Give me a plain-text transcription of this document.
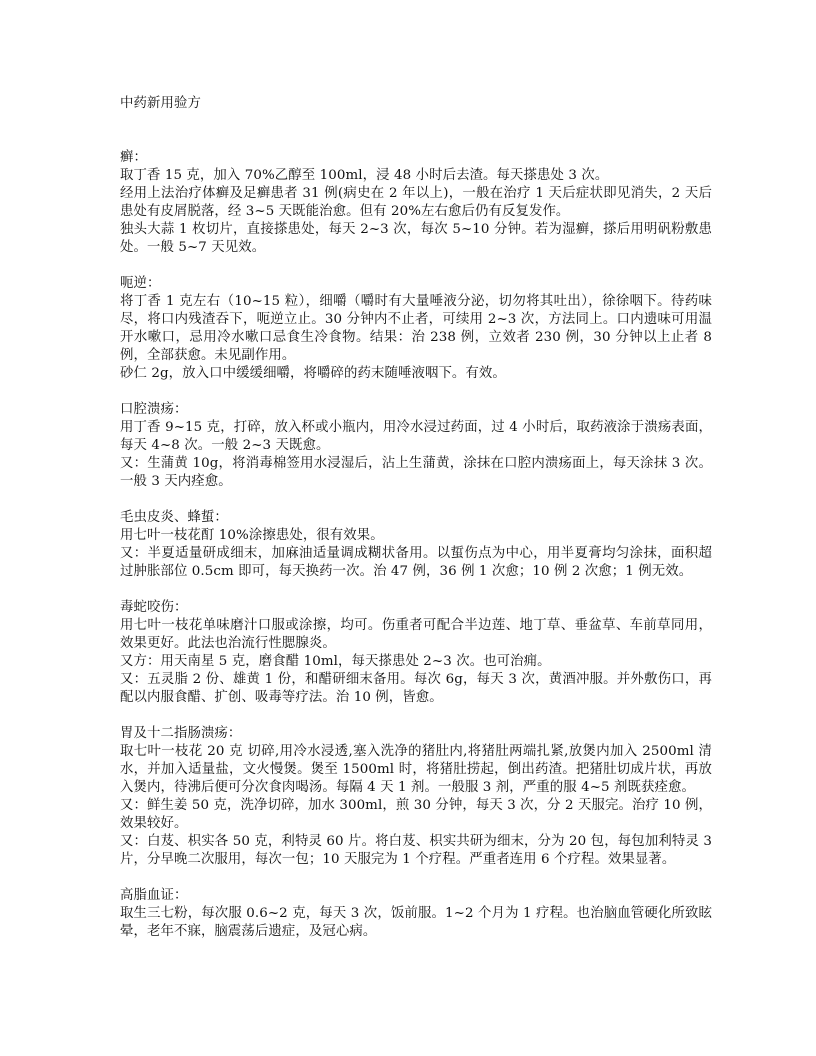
中药新用验方

癣：

取丁香 15 克，加入 70%乙醇至 100ml，浸 48 小时后去渣。每天搽患处 3 次。

经用上法治疗体癣及足癣患者 31 例(病史在 2 年以上)，一般在治疗 1 天后症状即见消失，2 天后患处有皮屑脱落，经 3~5 天既能治愈。但有 20%左右愈后仍有反复发作。

独头大蒜 1 枚切片，直接搽患处，每天 2~3 次，每次 5~10 分钟。若为湿癣，搽后用明矾粉敷患处。一般 5~7 天见效。

呃逆：

将丁香 1 克左右（10~15 粒），细嚼（嚼时有大量唾液分泌，切勿将其吐出），徐徐咽下。待药味尽，将口内残渣吞下，呃逆立止。30 分钟内不止者，可续用 2~3 次，方法同上。口内遗味可用温开水嗽口，忌用冷水嗽口忌食生冷食物。结果：治 238 例，立效者 230 例，30 分钟以上止者 8 例，全部获愈。未见副作用。

砂仁 2g，放入口中缓缓细嚼，将嚼碎的药末随唾液咽下。有效。

口腔溃疡：

用丁香 9~15 克，打碎，放入杯或小瓶内，用冷水浸过药面，过 4 小时后，取药液涂于溃疡表面，每天 4~8 次。一般 2~3 天既愈。

又：生蒲黄 10g，将消毒棉签用水浸湿后，沾上生蒲黄，涂抹在口腔内溃疡面上，每天涂抹 3 次。一般 3 天内痊愈。

毛虫皮炎、蜂蜇：

用七叶一枝花酊 10%涂擦患处，很有效果。

又：半夏适量研成细末，加麻油适量调成糊状备用。以蜇伤点为中心，用半夏膏均匀涂抹，面积超过肿胀部位 0.5cm 即可，每天换药一次。治 47 例，36 例 1 次愈；10 例 2 次愈；1 例无效。

毒蛇咬伤：

用七叶一枝花单味磨汁口服或涂擦，均可。伤重者可配合半边莲、地丁草、垂盆草、车前草同用，效果更好。此法也治流行性腮腺炎。

又方：用天南星 5 克，磨食醋 10ml，每天搽患处 2~3 次。也可治痈。

又：五灵脂 2 份、雄黄 1 份，和醋研细末备用。每次 6g，每天 3 次，黄酒冲服。并外敷伤口，再配以内服食醋、扩创、吸毒等疗法。治 10 例，皆愈。

胃及十二指肠溃疡：

取七叶一枝花 20 克 切碎,用冷水浸透,塞入洗净的猪肚内,将猪肚两端扎紧,放煲内加入 2500ml 清水，并加入适量盐，文火慢煲。煲至 1500ml 时，将猪肚捞起，倒出药渣。把猪肚切成片状，再放入煲内，待沸后便可分次食肉喝汤。每隔 4 天 1 剂。一般服 3 剂，严重的服 4~5 剂既获痊愈。

又：鲜生姜 50 克，洗净切碎，加水 300ml，煎 30 分钟，每天 3 次，分 2 天服完。治疗 10 例，效果较好。

又：白芨、枳实各 50 克，利特灵 60 片。将白芨、枳实共研为细末，分为 20 包，每包加利特灵 3 片，分早晚二次服用，每次一包；10 天服完为 1 个疗程。严重者连用 6 个疗程。效果显著。

高脂血证：

取生三七粉，每次服 0.6~2 克，每天 3 次，饭前服。1~2 个月为 1 疗程。也治脑血管硬化所致眩晕，老年不寐，脑震荡后遗症，及冠心病。
